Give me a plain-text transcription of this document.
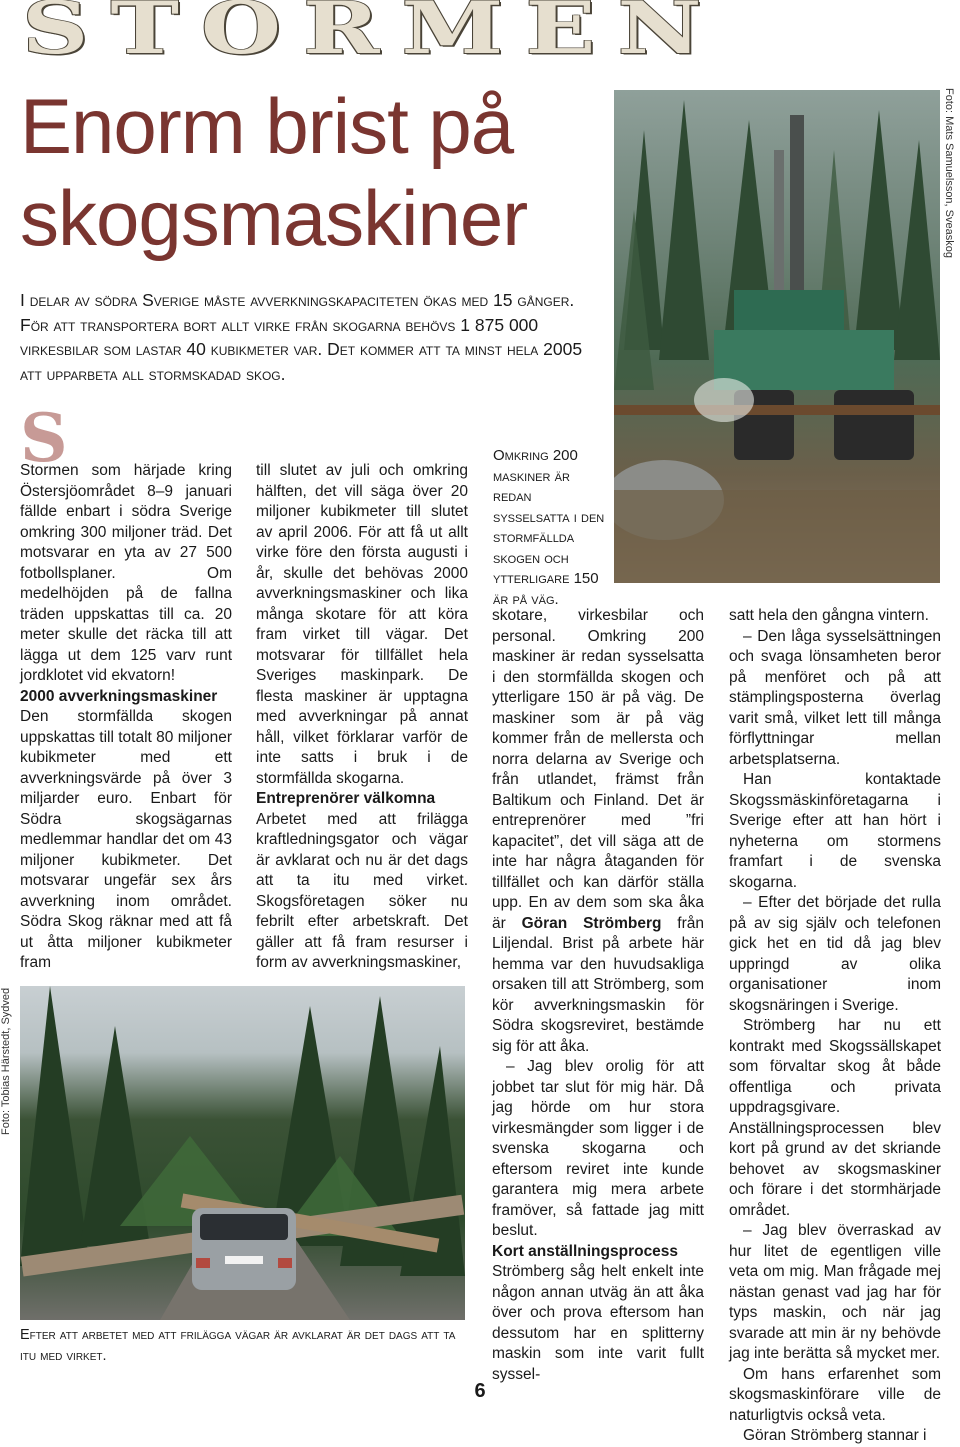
STORMEN
Enorm brist på
skogsmaskiner
I delar av södra Sverige måste avverkningskapaciteten ökas med 15 gånger. För att transportera bort allt virke från skogarna behövs 1 875 000 virkesbilar som lastar 40 kubikmeter var. Det kommer att ta minst hela 2005 att upparbeta all stormskadad skog.
Foto: Mats Samuelsson, Sveaskog
S

Stormen som härjade kring Östersjöområdet 8–9 januari fällde enbart i södra Sverige omkring 300 miljoner träd. Det motsvarar en yta av 27 500 fotbollsplaner. Om medelhöjden på de fallna träden uppskattas till ca. 20 meter skulle det räcka till att lägga ut dem 125 varv runt jordklotet vid ekvatorn!

2000 avverkningsmaskiner

Den stormfällda skogen uppskattas till totalt 80 miljoner kubikmeter med ett avverkningsvärde på över 3 miljarder euro. Enbart för Södra skogsägarnas medlemmar handlar det om 43 miljoner kubikmeter. Det motsvarar ungefär sex års avverkning inom området. Södra Skog räknar med att få ut åtta miljoner kubikmeter fram

till slutet av juli och omkring hälften, det vill säga över 20 miljoner kubikmeter till slutet av april 2006. För att få ut allt virke före den första augusti i år, skulle det behövas 2000 avverkningsmaskiner och lika många skotare för att köra fram virket till vägar. Det motsvarar för tillfället hela Sveriges maskinpark. De flesta maskiner är upptagna med avverkningar på annat håll, vilket förklarar varför de inte satts i bruk i de stormfällda skogarna.

Entreprenörer välkomna

Arbetet med att frilägga kraftledningsgator och vägar är avklarat och nu är det dags att ta itu med virket. Skogsföretagen söker nu febrilt efter arbetskraft. Det gäller att få fram resurser i form av avverkningsmaskiner,

Omkring 200 maskiner är redan sysselsatta i den stormfällda skogen och ytterligare 150 är på väg.

skotare, virkesbilar och personal. Omkring 200 maskiner är redan sysselsatta i den stormfällda skogen och ytterligare 150 är på väg. De maskiner som är på väg kommer från de mellersta och norra delarna av Sverige och från utlandet, främst från Baltikum och Finland. Det är entreprenörer med ”fri kapacitet”, det vill säga att de inte har några åtaganden för tillfället och kan därför ställa upp. En av dem som ska åka är Göran Strömberg från Liljendal. Brist på arbete här hemma var den huvudsakliga orsaken till att Strömberg, som kör avverkningsmaskin för Södra skogsreviret, bestämde sig för att åka.

– Jag blev orolig för att jobbet tar slut för mig här. Då jag hörde om hur stora virkesmängder som ligger i de svenska skogarna och eftersom reviret inte kunde garantera mig mera arbete framöver, så fattade jag mitt beslut.

Kort anställningsprocess

Strömberg såg helt enkelt inte någon annan utväg än att åka över och prova eftersom han dessutom har en splitterny maskin som inte varit fullt syssel-

satt hela den gångna vintern.

– Den låga sysselsättningen och svaga lönsamheten beror på menföret och på att stämplingsposterna överlag varit små, vilket lett till många förflyttningar mellan arbetsplatserna.

Han kontaktade Skogssmäskinföretagarna i Sverige efter att han hört i nyheterna om stormens framfart i de svenska skogarna.

– Efter det började det rulla på av sig själv och telefonen gick het en tid då jag blev uppringd av olika organisationer inom skogsnäringen i Sverige.

Strömberg har nu ett kontrakt med Skogssällskapet som förvaltar skog åt både offentliga och privata uppdragsgivare. Anställningsprocessen blev kort på grund av det skriande behovet av skogsmaskiner och förare i det stormhärjade området.

– Jag blev överraskad av hur litet de egentligen ville veta om mig. Man frågade mej nästan genast vad jag har för typs maskin, och när jag svarade att min är ny behövde jag inte berätta så mycket mer.

Om hans erfarenhet som skogsmaskinförare ville de naturligtvis också veta.

Göran Strömberg stannar i

Foto: Tobias Härstedt, Sydved
Efter att arbetet med att frilägga vägar är avklarat är det dags att ta itu med virket.
6
